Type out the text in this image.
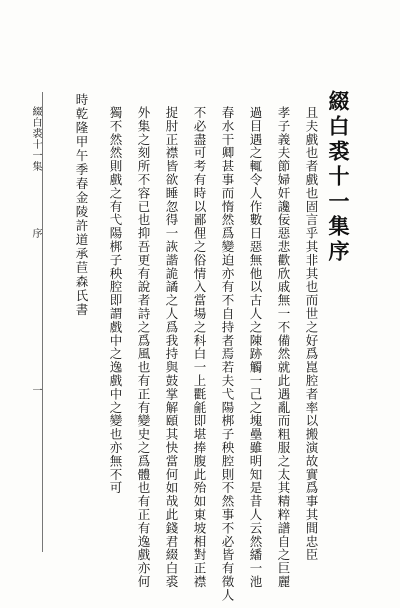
綴白裘十一集序
且夫戲也者戲也固言乎其非其也而世之好爲崑腔者率以搬演故實爲事其間忠臣
孝子義夫節婦奸讒佞惡悲歡欣戚無一不備然就此遇亂而粗服之太其精粹譜自之巨麗
過目遇之輒令人作數日惡無他以古人之陳跡觸一己之塊壘雖明知是昔人云然繙一池
春水干卿甚事而惰然爲變迫亦有不自持者焉若夫弋陽梆子秧腔則不然事不必皆有徵人
不必盡可考有時以鄙俚之俗情入當場之科白一上氍毹即堪捧腹此殆如東坡相對正襟
捉肘正襟皆欲睡忽得一詼諧詭譎之人爲我持與鼓掌解頤其快當何如哉此錢君綴白裘
外集之刻所不容已也抑吾更有說者詩之爲風也有正有變史之爲體也有正有逸戲亦何
獨不然然則戲之有弋陽梆子秧腔即謂戲中之逸戲中之變也亦無不可
時乾隆甲午季春金陵許道承苣森氏書
綴白裘十一集
序
一
